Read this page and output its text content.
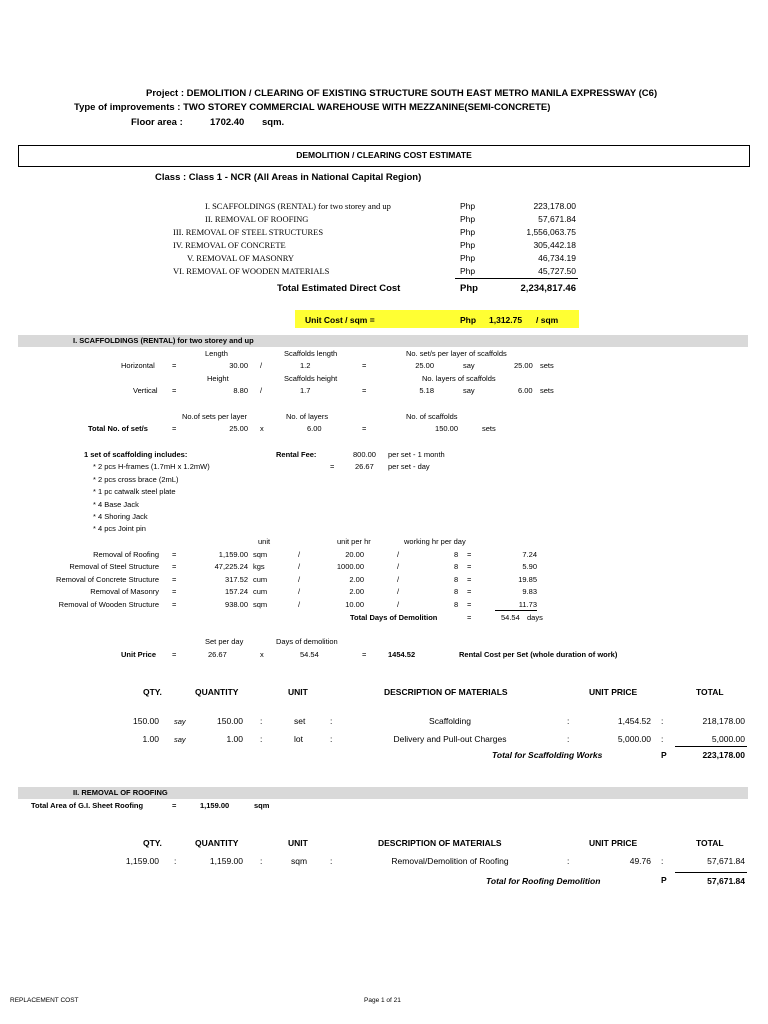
Project : DEMOLITION / CLEARING OF EXISTING STRUCTURE SOUTH EAST METRO MANILA EXPRESSWAY (C6)
Type of improvements : TWO STOREY COMMERCIAL WAREHOUSE WITH MEZZANINE(SEMI-CONCRETE)
Floor area :	1702.40 sqm.
DEMOLITION / CLEARING COST ESTIMATE
Class : Class 1 - NCR (All Areas in National Capital Region)
I. SCAFFOLDINGS (RENTAL) for two storey and up	Php	223,178.00
II. REMOVAL OF ROOFING	Php	57,671.84
III. REMOVAL OF STEEL STRUCTURES	Php	1,556,063.75
IV. REMOVAL OF CONCRETE	Php	305,442.18
V. REMOVAL OF MASONRY	Php	46,734.19
VI. REMOVAL OF WOODEN MATERIALS	Php	45,727.50
Total Estimated Direct Cost	Php	2,234,817.46
Unit Cost / sqm =	Php 1,312.75 / sqm
I. SCAFFOLDINGS (RENTAL) for two storey and up
Length	Scaffolds length	No. set/s per layer of scaffolds
Horizontal =	30.00 /	1.2	=	25.00	say	25.00 sets
Height	Scaffolds height	No. layers of scaffolds
Vertical =	8.80 /	1.7	=	5.18	say	6.00 sets
No.of sets per layer	No. of layers	No. of scaffolds
Total No. of set/s	=	25.00 x	6.00	=	150.00	sets
1 set of scaffolding includes:
* 2 pcs H-frames (1.7mH x 1.2mW)
* 2 pcs cross brace (2mL)
* 1 pc catwalk steel plate
* 4 Base Jack
* 4 Shoring Jack
* 4 pcs Joint pin
Rental Fee:	800.00 per set - 1 month
=	26.67 per set - day
unit	unit per hr	working hr per day
Removal of Roofing =	1,159.00 sqm	/	20.00	/	8 =	7.24
Removal of Steel Structure =	47,225.24 kgs	/	1000.00	/	8 =	5.90
Removal of Concrete Structure =	317.52 cum	/	2.00	/	8 =	19.85
Removal of Masonry =	157.24 cum	/	2.00	/	8 =	9.83
Removal of Wooden Structure =	938.00 sqm	/	10.00	/	8 =	11.73
Total Days of Demolition	=	54.54 days
Set per day	Days of demolition
Unit Price =	26.67	x	54.54	=	1454.52	Rental Cost per Set (whole duration of work)
QTY.	QUANTITY	UNIT	DESCRIPTION OF MATERIALS	UNIT PRICE	TOTAL
150.00 say	150.00 :	set	:	Scaffolding	:	1,454.52 :	218,178.00
1.00 say	1.00 :	lot	:	Delivery and Pull-out Charges	:	5,000.00 :	5,000.00
Total for Scaffolding Works	P	223,178.00
II. REMOVAL OF ROOFING
Total Area of G.I. Sheet Roofing	=	1,159.00	sqm
QTY.	QUANTITY	UNIT	DESCRIPTION OF MATERIALS	UNIT PRICE	TOTAL
1,159.00 :	1,159.00 :	sqm	:	Removal/Demolition of Roofing	:	49.76 :	57,671.84
Total for Roofing Demolition	P	57,671.84
REPLACEMENT COST	Page 1 of 21
